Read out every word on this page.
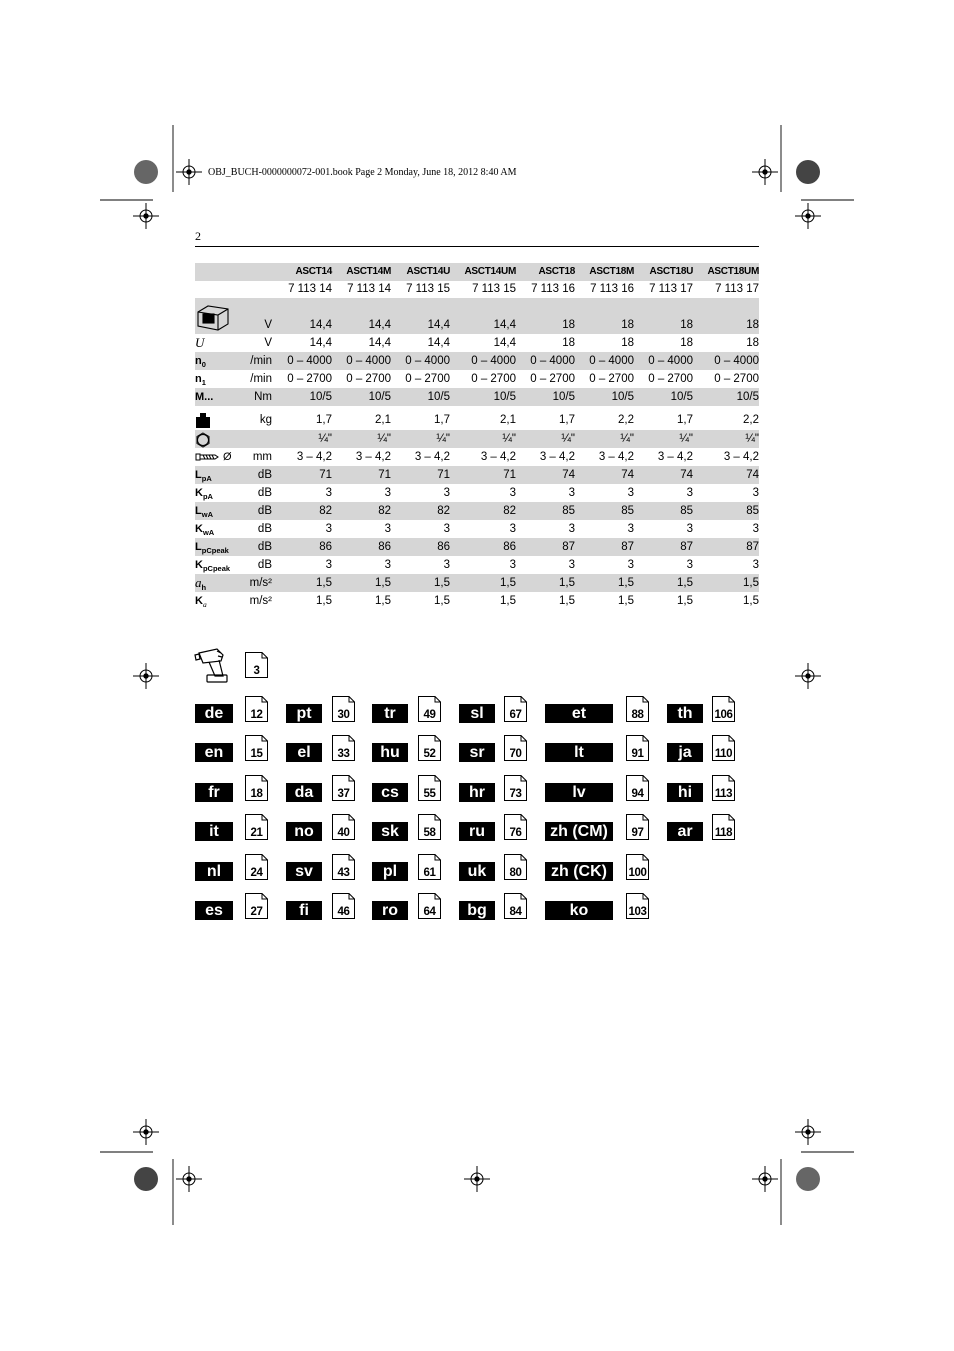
OBJ_BUCH-0000000072-001.book Page 2 Monday, June 18, 2012 8:40 AM
2
ASCT14	ASCT14M	ASCT14U	ASCT14UM	ASCT18	ASCT18M	ASCT18U	ASCT18UM
7 113 14	7 113 14	7 113 15	7 113 15	7 113 16	7 113 16	7 113 17	7 113 17
V	14,4	14,4	14,4	14,4	18	18	18	18
U	V	14,4	14,4	14,4	14,4	18	18	18	18
$n_0$	/min	0 – 4000	0 – 4000	0 – 4000	0 – 4000	0 – 4000	0 – 4000	0 – 4000	0 – 4000
$n_1$	/min	0 – 2700	0 – 2700	0 – 2700	0 – 2700	0 – 2700	0 – 2700	0 – 2700	0 – 2700
M...	Nm	10/5	10/5	10/5	10/5	10/5	10/5	10/5	10/5
kg	1,7	2,1	1,7	2,1	1,7	2,2	1,7	2,2
¼"	¼"	¼"	¼"	¼"	¼"	¼"	¼"
Ø	mm	3 – 4,2	3 – 4,2	3 – 4,2	3 – 4,2	3 – 4,2	3 – 4,2	3 – 4,2	3 – 4,2
$L_{pA}$	dB	71	71	71	71	74	74	74	74
$K_{pA}$	dB	3	3	3	3	3	3	3	3
$L_{wA}$	dB	82	82	82	82	85	85	85	85
$K_{wA}$	dB	3	3	3	3	3	3	3	3
$L_{pCpeak}$	dB	86	86	86	86	87	87	87	87
$K_{pCpeak}$	dB	3	3	3	3	3	3	3	3
$a_h$	m/s²	1,5	1,5	1,5	1,5	1,5	1,5	1,5	1,5
$K_a$	m/s²	1,5	1,5	1,5	1,5	1,5	1,5	1,5	1,5
3
de	12
en	15
fr	18
it	21
nl	24
es	27
pt	30
el	33
da	37
no	40
sv	43
fi	46
tr	49
hu	52
cs	55
sk	58
pl	61
ro	64
sl	67
sr	70
hr	73
ru	76
uk	80
bg	84
et	88
lt	91
lv	94
zh (CM)	97
zh (CK)	100
ko	103
th	106
ja	110
hi	113
ar	118
